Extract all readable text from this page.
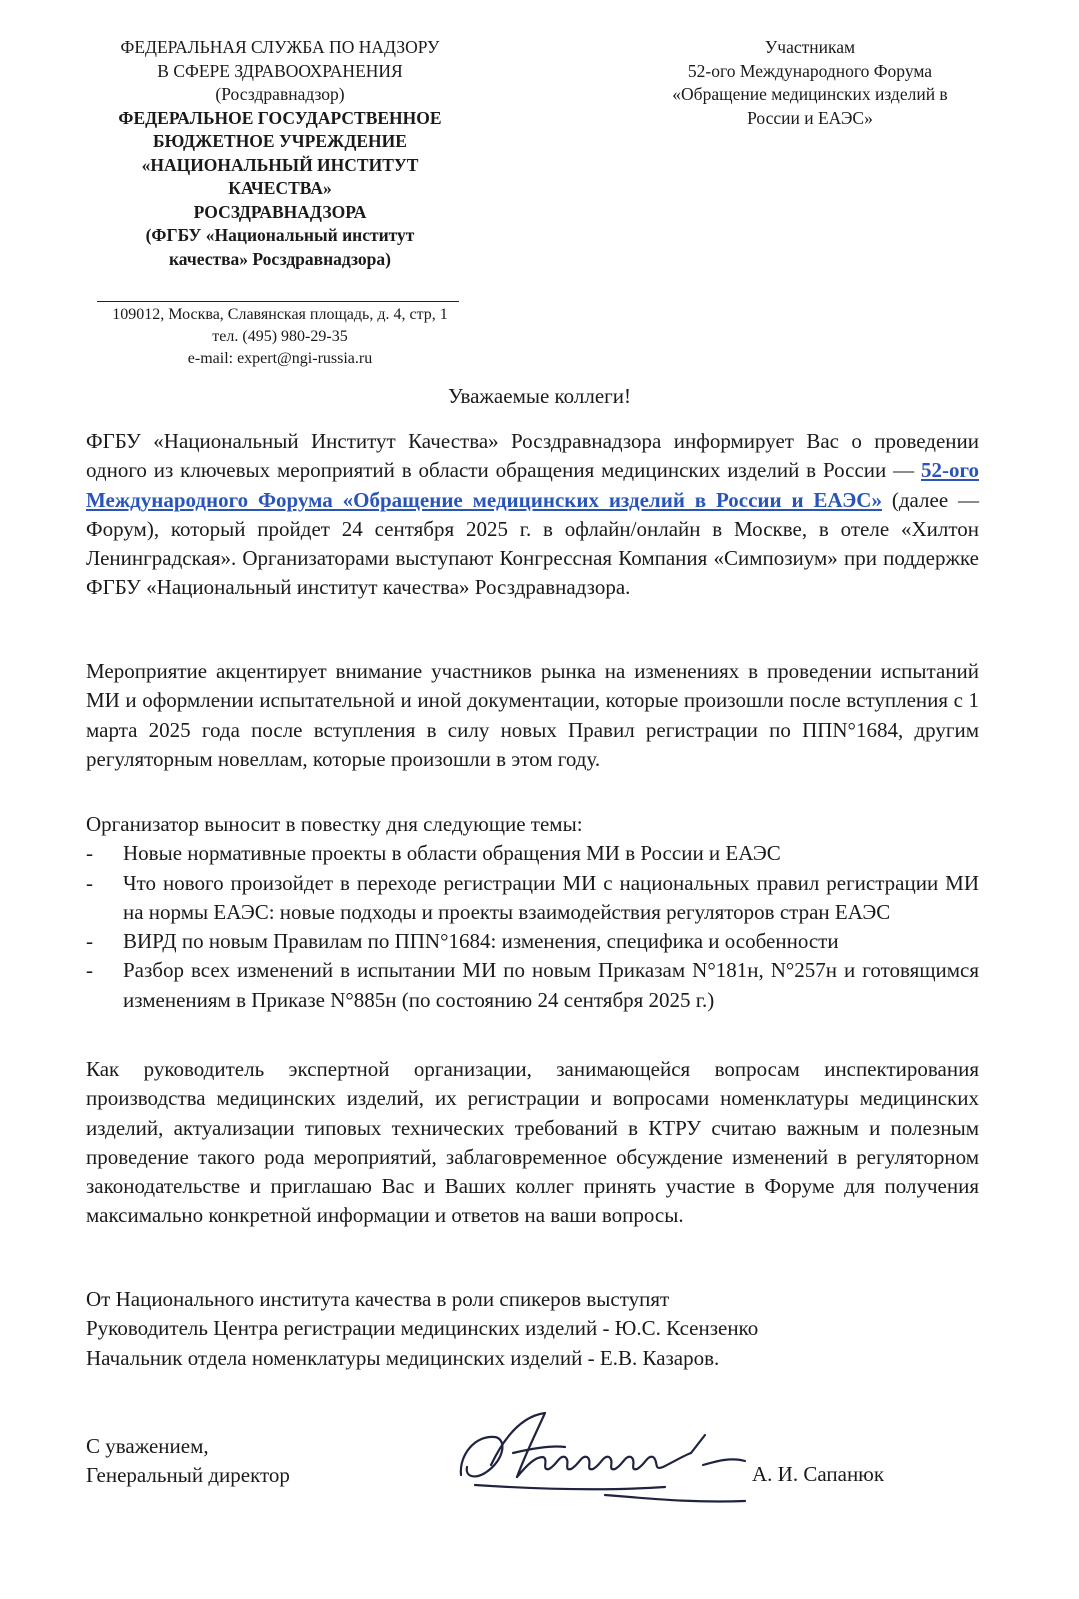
ФЕДЕРАЛЬНАЯ СЛУЖБА ПО НАДЗОРУ
В СФЕРЕ ЗДРАВООХРАНЕНИЯ
(Росздравнадзор)
ФЕДЕРАЛЬНОЕ ГОСУДАРСТВЕННОЕ
БЮДЖЕТНОЕ УЧРЕЖДЕНИЕ
«НАЦИОНАЛЬНЫЙ ИНСТИТУТ
КАЧЕСТВА»
РОСЗДРАВНАДЗОРА
(ФГБУ «Национальный институт
качества» Росздравнадзора)
109012, Москва, Славянская площадь, д. 4, стр, 1
тел. (495) 980-29-35
e-mail: expert@ngi-russia.ru
Участникам
52-ого Международного Форума
«Обращение медицинских изделий в
России и ЕАЭС»
Уважаемые коллеги!
ФГБУ «Национальный Институт Качества» Росздравнадзора информирует Вас о проведении одного из ключевых мероприятий в области обращения медицинских изделий в России — 52-ого Международного Форума «Обращение медицинских изделий в России и ЕАЭС» (далее — Форум), который пройдет 24 сентября 2025 г. в офлайн/онлайн в Москве, в отеле «Хилтон Ленинградская». Организаторами выступают Конгрессная Компания «Симпозиум» при поддержке ФГБУ «Национальный институт качества» Росздравнадзора.
Мероприятие акцентирует внимание участников рынка на изменениях в проведении испытаний МИ и оформлении испытательной и иной документации, которые произошли после вступления с 1 марта 2025 года после вступления в силу новых Правил регистрации по ППN°1684, другим регуляторным новеллам, которые произошли в этом году.
Организатор выносит в повестку дня следующие темы:
- Новые нормативные проекты в области обращения МИ в России и ЕАЭС
- Что нового произойдет в переходе регистрации МИ с национальных правил регистрации МИ на нормы ЕАЭС: новые подходы и проекты взаимодействия регуляторов стран ЕАЭС
- ВИРД по новым Правилам по ППN°1684: изменения, специфика и особенности
- Разбор всех изменений в испытании МИ по новым Приказам N°181н, N°257н и готовящимся изменениям в Приказе N°885н (по состоянию 24 сентября 2025 г.)
Как руководитель экспертной организации, занимающейся вопросам инспектирования производства медицинских изделий, их регистрации и вопросами номенклатуры медицинских изделий, актуализации типовых технических требований в КТРУ считаю важным и полезным проведение такого рода мероприятий, заблаговременное обсуждение изменений в регуляторном законодательстве и приглашаю Вас и Ваших коллег принять участие в Форуме для получения максимально конкретной информации и ответов на ваши вопросы.
От Национального института качества в роли спикеров выступят
Руководитель Центра регистрации медицинских изделий - Ю.С. Ксензенко
Начальник отдела номенклатуры медицинских изделий - Е.В. Казаров.
С уважением,
Генеральный директор	А. И. Сапанюк
